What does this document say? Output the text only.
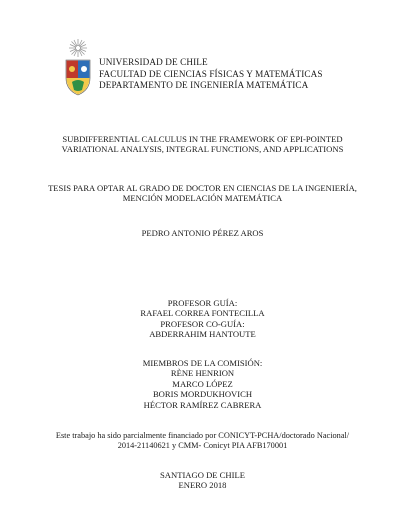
UNIVERSIDAD DE CHILE
FACULTAD DE CIENCIAS FÍSICAS Y MATEMÁTICAS
DEPARTAMENTO DE INGENIERÍA MATEMÁTICA
SUBDIFFERENTIAL CALCULUS IN THE FRAMEWORK OF EPI-POINTED
VARIATIONAL ANALYSIS, INTEGRAL FUNCTIONS, AND APPLICATIONS
TESIS PARA OPTAR AL GRADO DE DOCTOR EN CIENCIAS DE LA INGENIERÍA,
MENCIÓN MODELACIÓN MATEMÁTICA
PEDRO ANTONIO PÉREZ AROS
PROFESOR GUÍA:
RAFAEL CORREA FONTECILLA
PROFESOR CO-GUÍA:
ABDERRAHIM HANTOUTE
MIEMBROS DE LA COMISIÓN:
RÈNE HENRION
MARCO LÓPEZ
BORIS MORDUKHOVICH
HÉCTOR RAMÍREZ CABRERA
Este trabajo ha sido parcialmente financiado por CONICYT-PCHA/doctorado Nacional/
2014-21140621 y CMM- Conicyt PIA AFB170001
SANTIAGO DE CHILE
ENERO 2018
